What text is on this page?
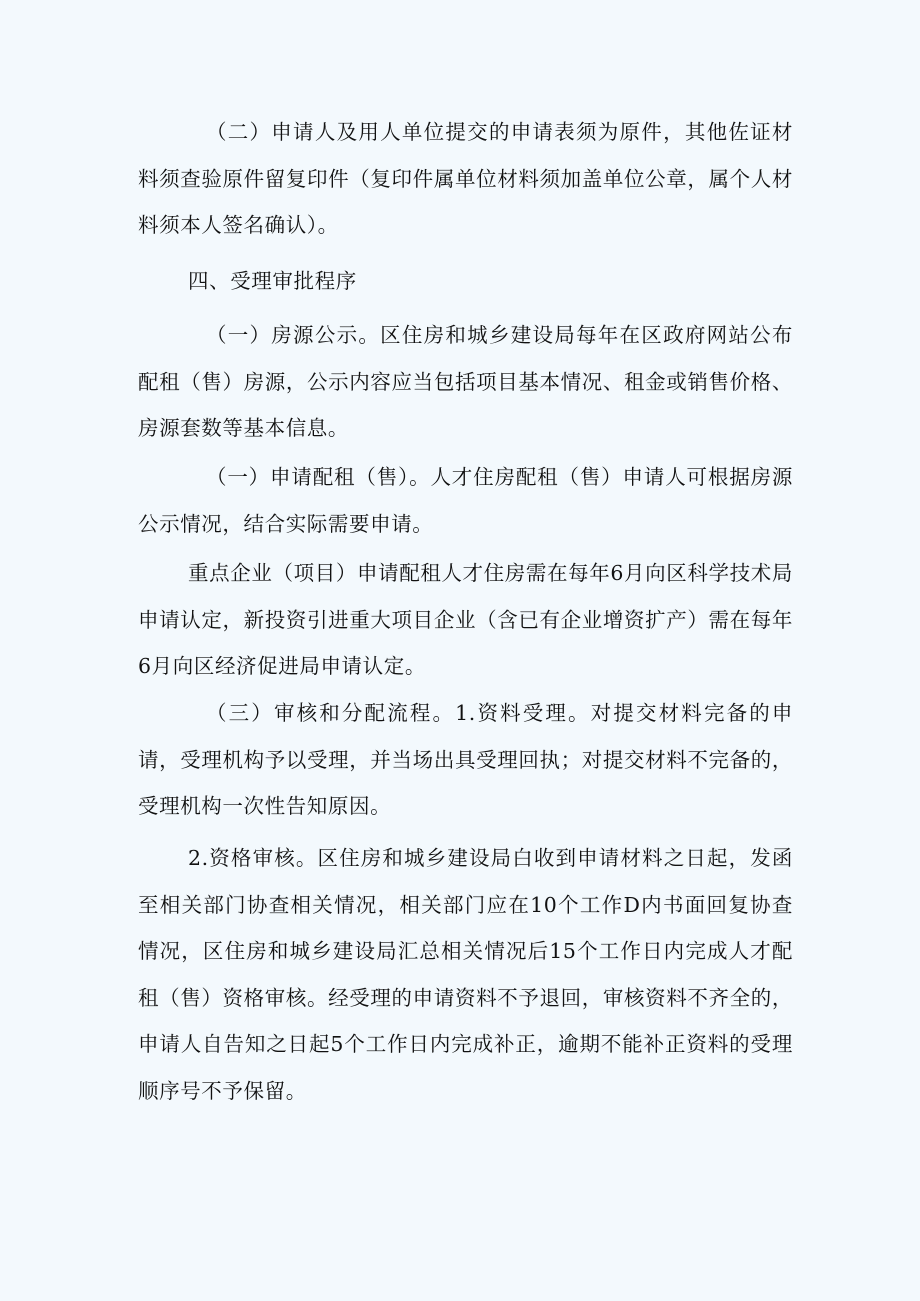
（二）申请人及用人单位提交的申请表须为原件，其他佐证材料须查验原件留复印件（复印件属单位材料须加盖单位公章，属个人材料须本人签名确认）。

四、受理审批程序

（一）房源公示。区住房和城乡建设局每年在区政府网站公布配租（售）房源，公示内容应当包括项目基本情况、租金或销售价格、房源套数等基本信息。

（一）申请配租（售）。人才住房配租（售）申请人可根据房源公示情况，结合实际需要申请。

重点企业（项目）申请配租人才住房需在每年6月向区科学技术局申请认定，新投资引进重大项目企业（含已有企业增资扩产）需在每年6月向区经济促进局申请认定。

（三）审核和分配流程。1.资料受理。对提交材料完备的申请，受理机构予以受理，并当场出具受理回执；对提交材料不完备的，受理机构一次性告知原因。

2.资格审核。区住房和城乡建设局白收到申请材料之日起，发函至相关部门协查相关情况，相关部门应在10个工作D内书面回复协查情况，区住房和城乡建设局汇总相关情况后15个工作日内完成人才配租（售）资格审核。经受理的申请资料不予退回，审核资料不齐全的，申请人自告知之日起5个工作日内完成补正，逾期不能补正资料的受理顺序号不予保留。
